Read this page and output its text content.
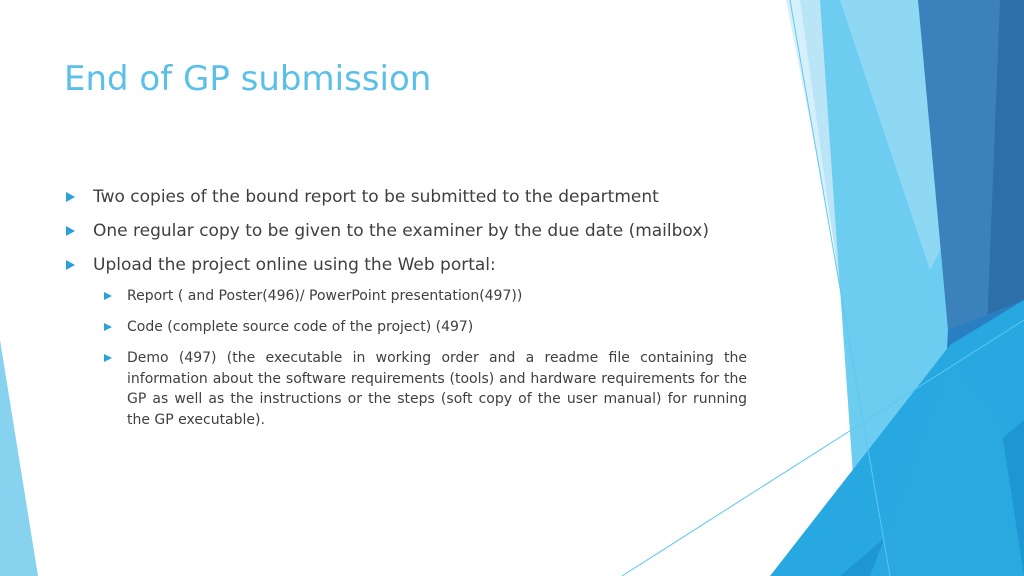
End of GP submission
Two copies of the bound report to be submitted to the department
One regular copy to be given to the examiner by the due date (mailbox)
Upload the project online using the Web portal:
Report ( and Poster(496)/ PowerPoint presentation(497))
Code (complete source code of the project) (497)
Demo (497) (the executable in working order and a readme file containing the information about the software requirements (tools) and hardware requirements for the GP as well as the instructions or the steps (soft copy of the user manual) for running the GP executable).
